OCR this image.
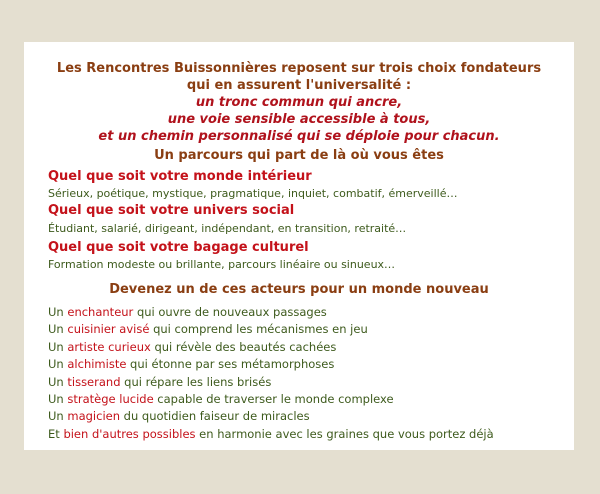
Les Rencontres Buissonnières reposent sur trois choix fondateurs
qui en assurent l'universalité :
un tronc commun qui ancre,
une voie sensible accessible à tous,
et un chemin personnalisé qui se déploie pour chacun.
Un parcours qui part de là où vous êtes
Quel que soit votre monde intérieur
Sérieux, poétique, mystique, pragmatique, inquiet, combatif, émerveillé…
Quel que soit votre univers social
Étudiant, salarié, dirigeant, indépendant, en transition, retraité…
Quel que soit votre bagage culturel
Formation modeste ou brillante, parcours linéaire ou sinueux…
Devenez un de ces acteurs pour un monde nouveau
Un enchanteur qui ouvre de nouveaux passages
Un cuisinier avisé qui comprend les mécanismes en jeu
Un artiste curieux qui révèle des beautés cachées
Un alchimiste qui étonne par ses métamorphoses
Un tisserand qui répare les liens brisés
Un stratège lucide capable de traverser le monde complexe
Un magicien du quotidien faiseur de miracles
Et bien d'autres possibles en harmonie avec les graines que vous portez déjà
